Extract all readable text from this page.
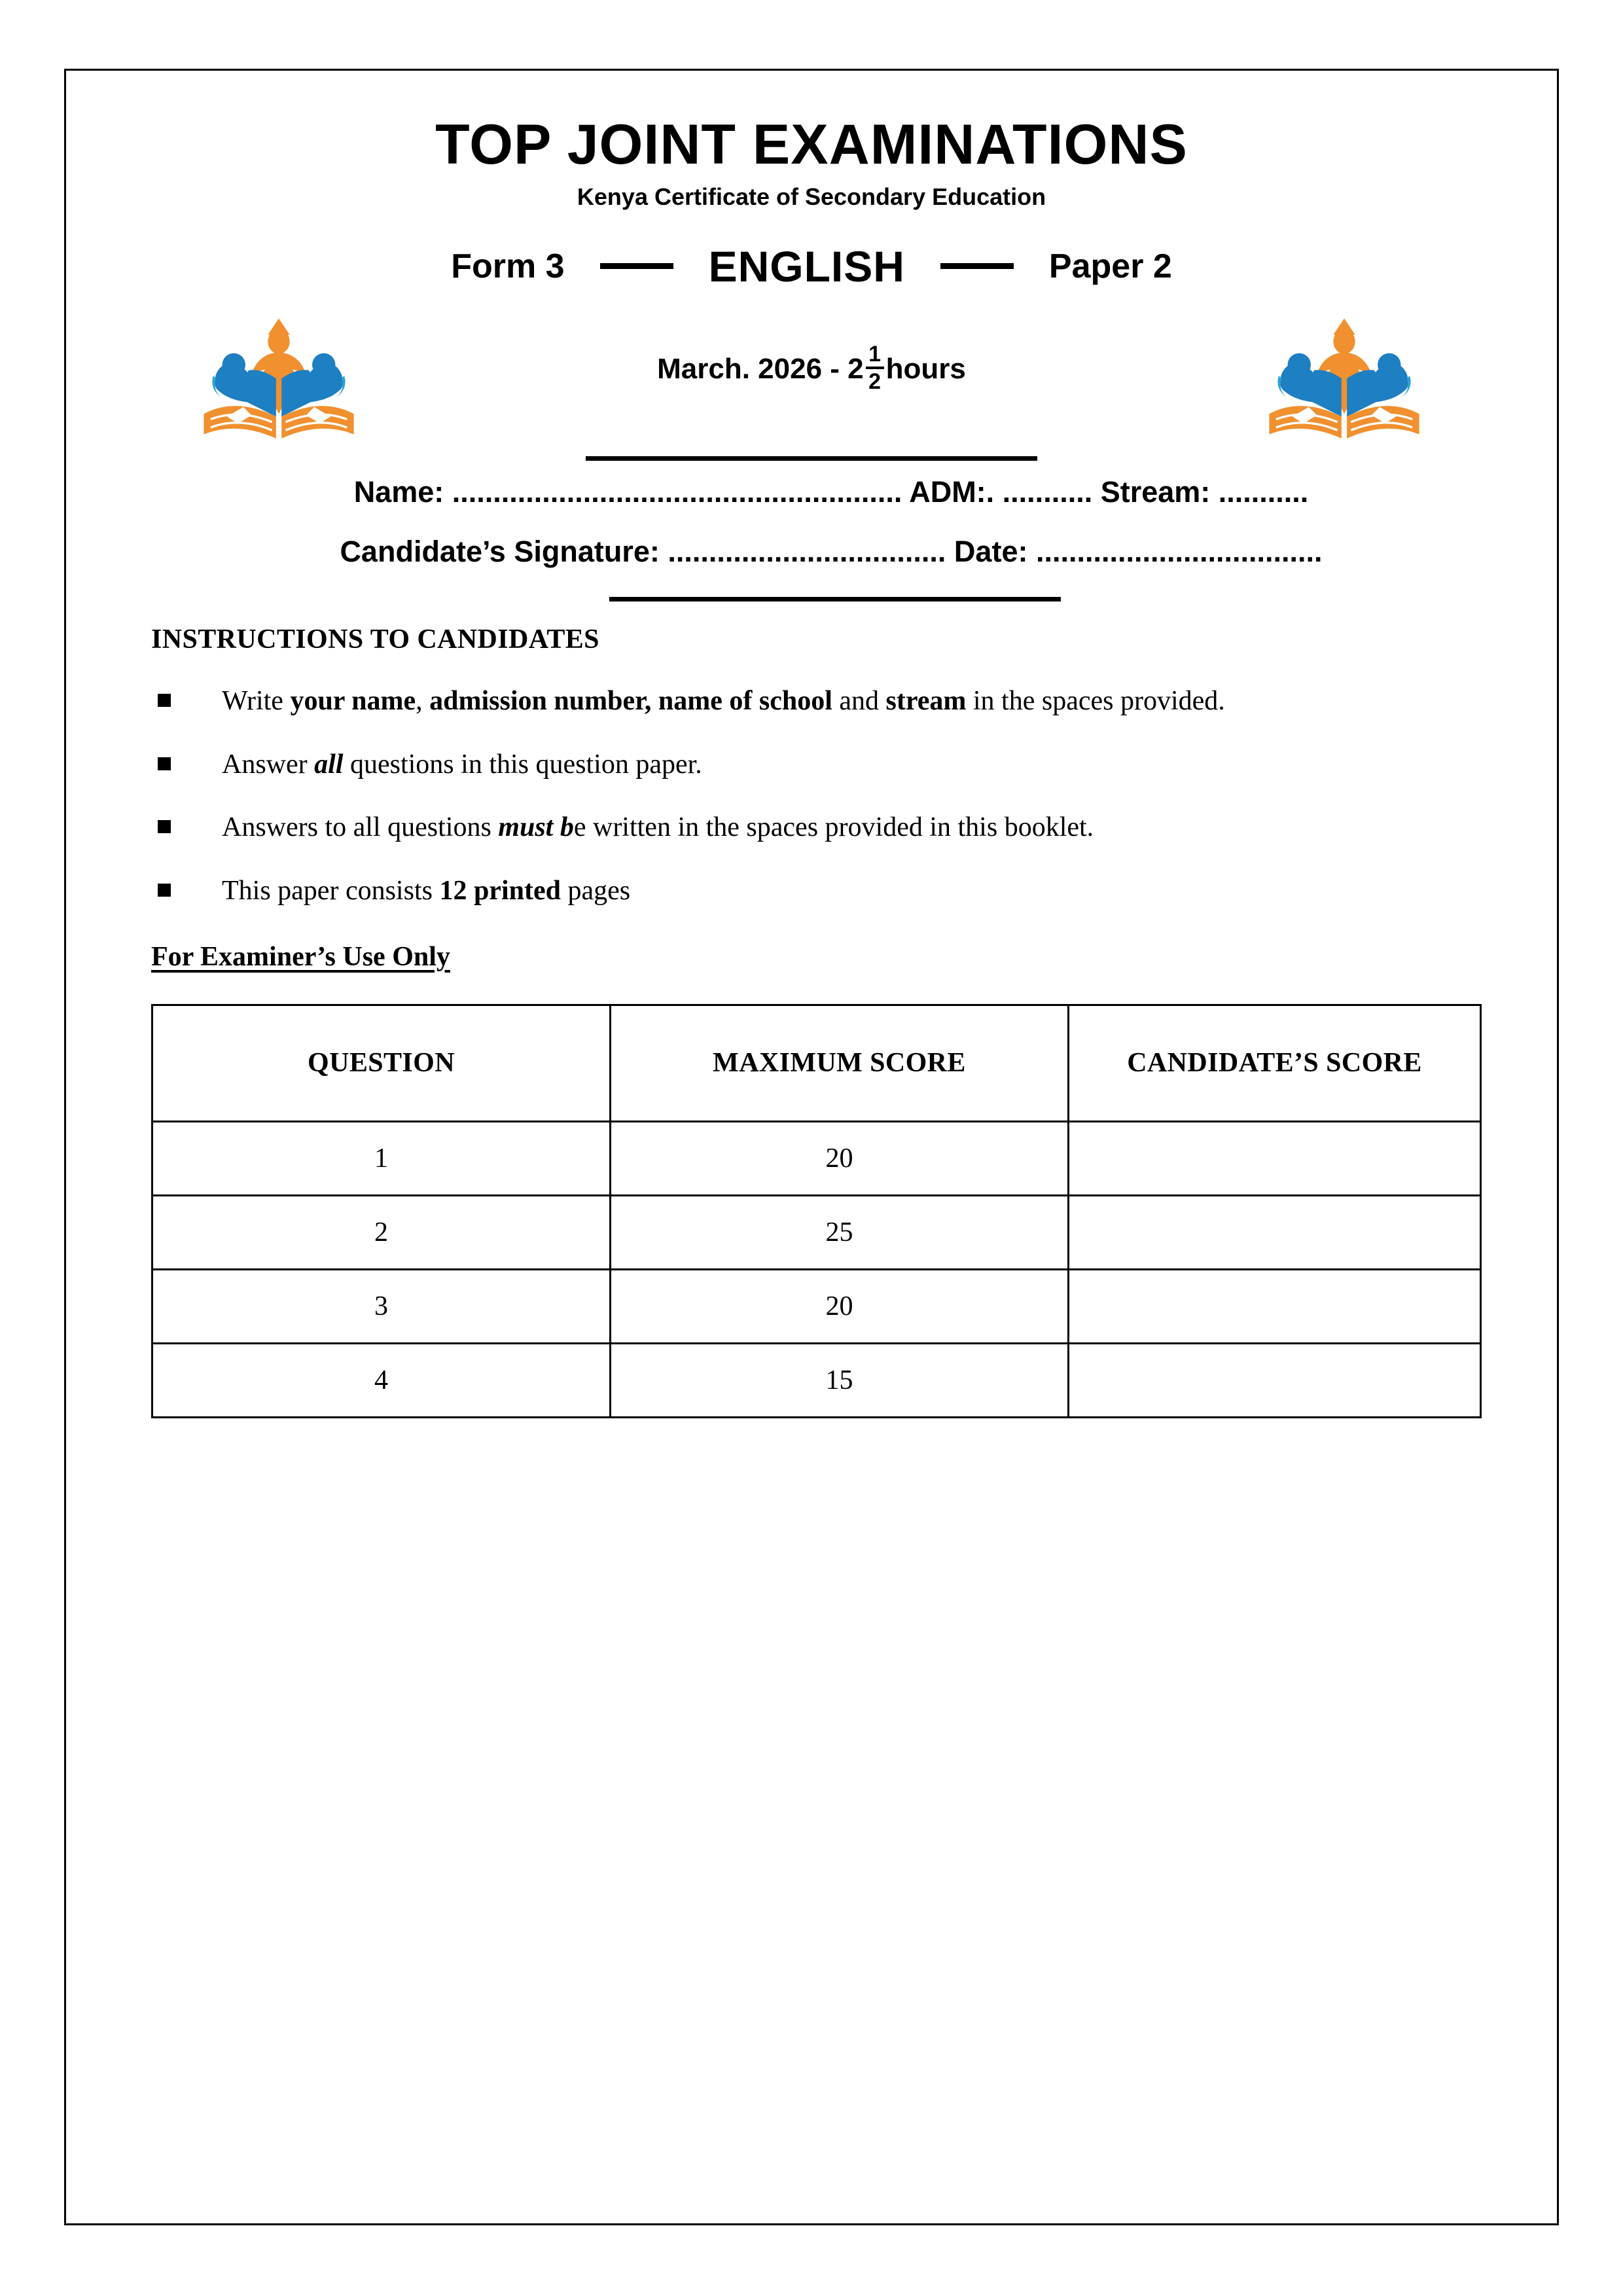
TOP JOINT EXAMINATIONS
Kenya Certificate of Secondary Education
Form 3	ENGLISH	Paper 2
March. $2026 - 2 \frac{1}{2}$ hours
Name: ....................................................... ADM:. ........... Stream: ...........
Candidate’s Signature: .................................. Date: ...................................
INSTRUCTIONS TO CANDIDATES
Write your name, admission number, name of school and stream in the spaces provided.
Answer all questions in this question paper.
Answers to all questions must be written in the spaces provided in this booklet.
This paper consists 12 printed pages
For Examiner’s Use Only
QUESTION	MAXIMUM SCORE	CANDIDATE’S SCORE
1	20	
2	25	
3	20	
4	15	
